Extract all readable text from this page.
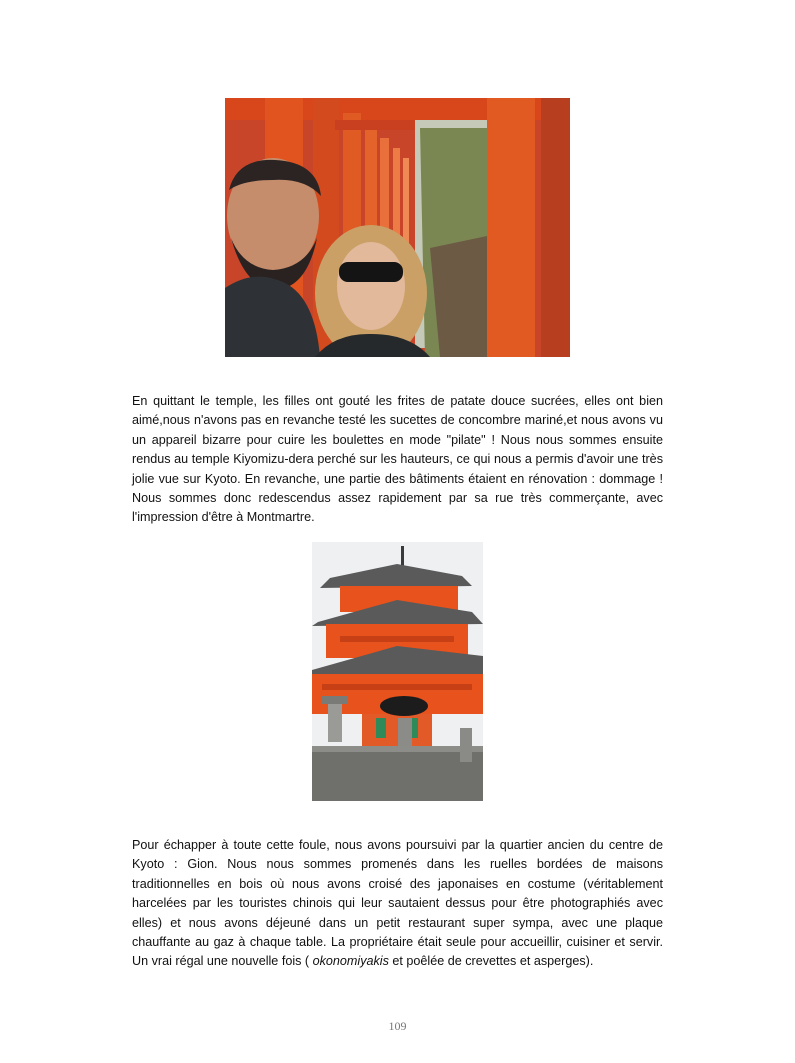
En quittant le temple, les filles ont gouté les frites de patate douce sucrées, elles ont bien aimé,nous n'avons pas en revanche testé les sucettes de concombre mariné,et nous avons vu un appareil bizarre pour cuire les boulettes en mode "pilate" ! Nous nous sommes ensuite rendus au temple Kiyomizu-dera perché sur les hauteurs, ce qui nous a permis d'avoir une très jolie vue sur Kyoto. En revanche, une partie des bâtiments étaient en rénovation : dommage ! Nous sommes donc redescendus assez rapidement par sa rue très commerçante, avec l'impression d'être à Montmartre.

Pour échapper à toute cette foule, nous avons poursuivi par la quartier ancien du centre de Kyoto : Gion. Nous nous sommes promenés dans les ruelles bordées de maisons traditionnelles en bois où nous avons croisé des japonaises en costume (véritablement harcelées par les touristes chinois qui leur sautaient dessus pour être photographiés avec elles) et nous avons déjeuné dans un petit restaurant super sympa, avec une plaque chauffante au gaz à chaque table. La propriétaire était seule pour accueillir, cuisiner et servir. Un vrai régal une nouvelle fois ( okonomiyakis et poêlée de crevettes et asperges).

109
